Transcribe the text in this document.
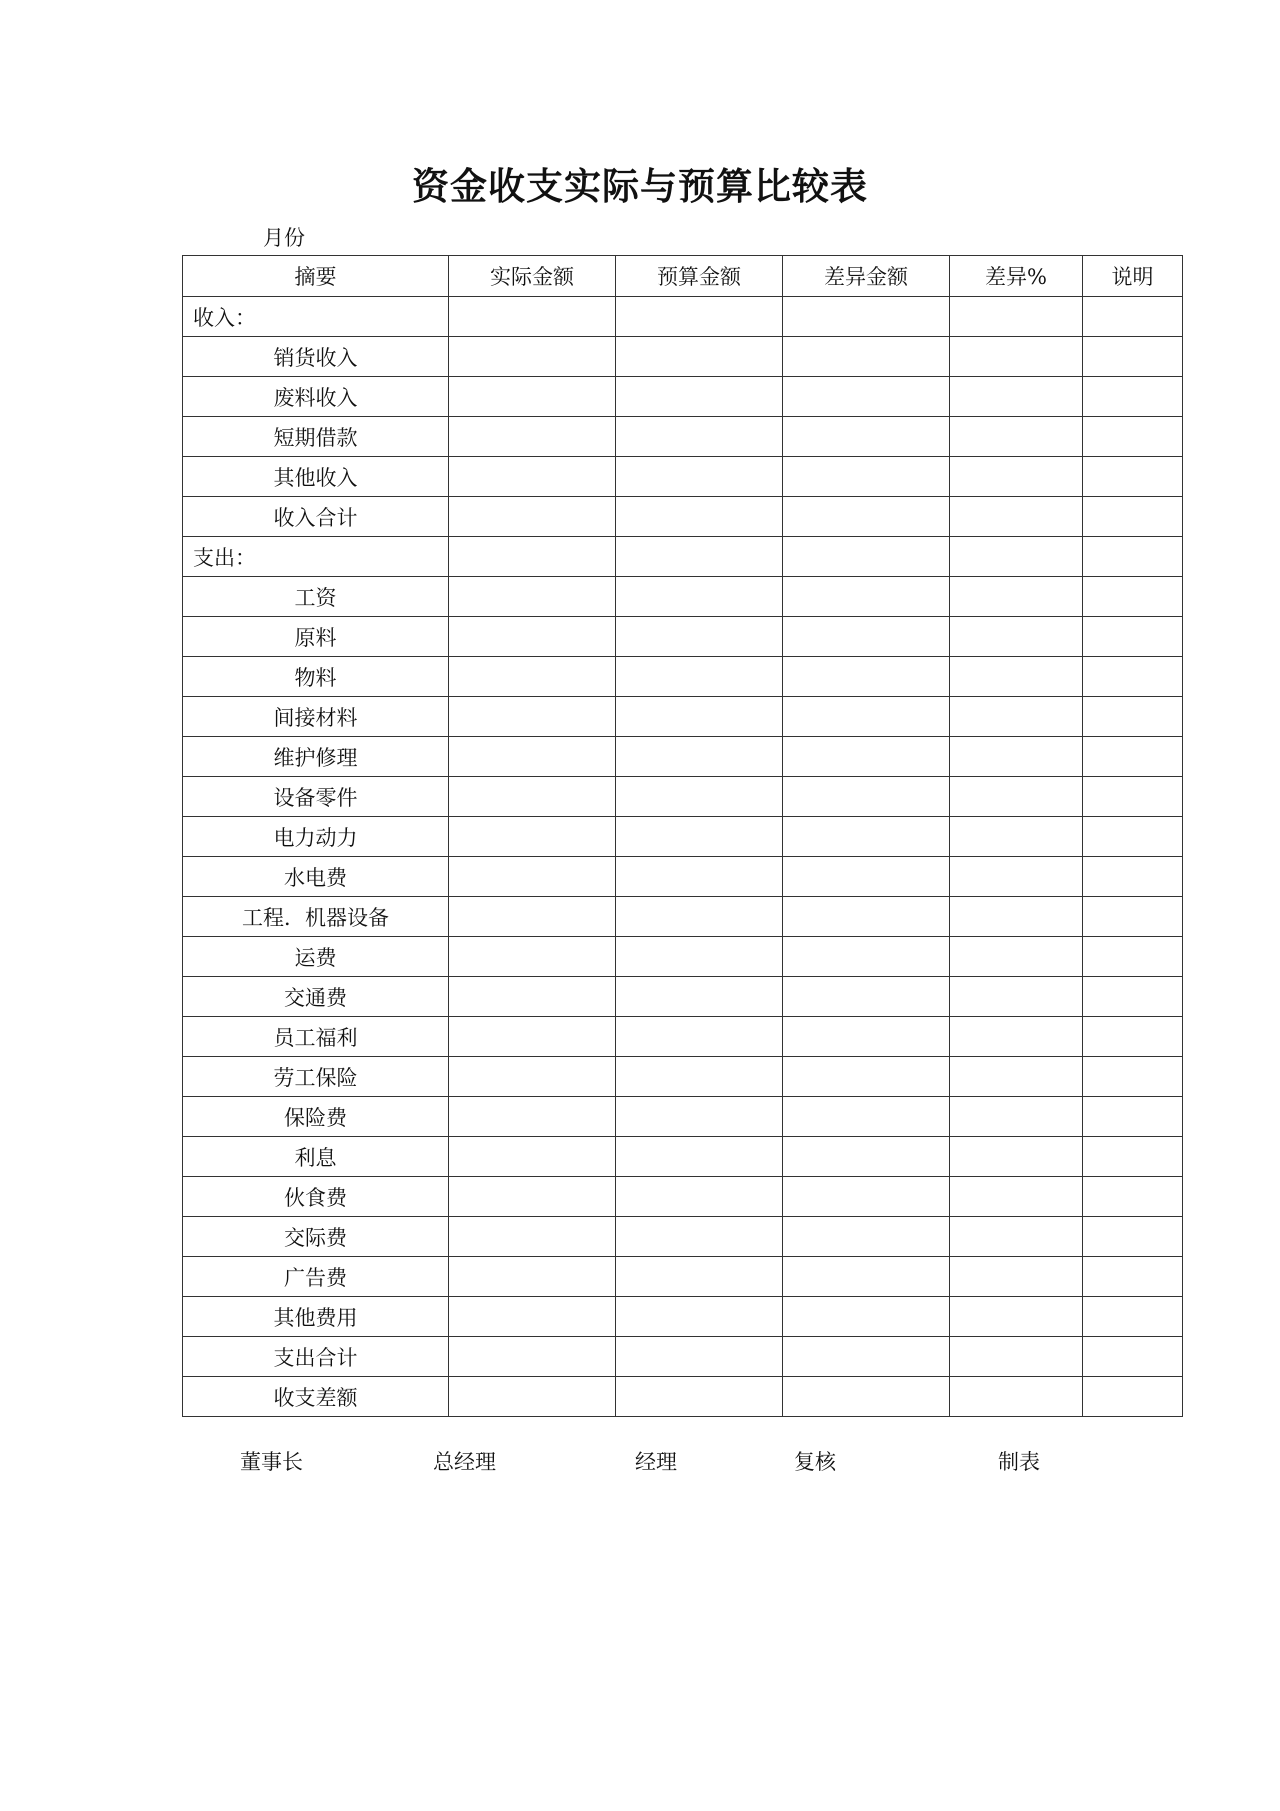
资金收支实际与预算比较表
月份
摘要	实际金额	预算金额	差异金额	差异%	说明
收入：					
销货收入					
废料收入					
短期借款					
其他收入					
收入合计					
支出：					
工资					
原料					
物料					
间接材料					
维护修理					
设备零件					
电力动力					
水电费					
工程．机器设备					
运费					
交通费					
员工福利					
劳工保险					
保险费					
利息					
伙食费					
交际费					
广告费					
其他费用					
支出合计					
收支差额					
董事长	总经理	经理	复核	制表
